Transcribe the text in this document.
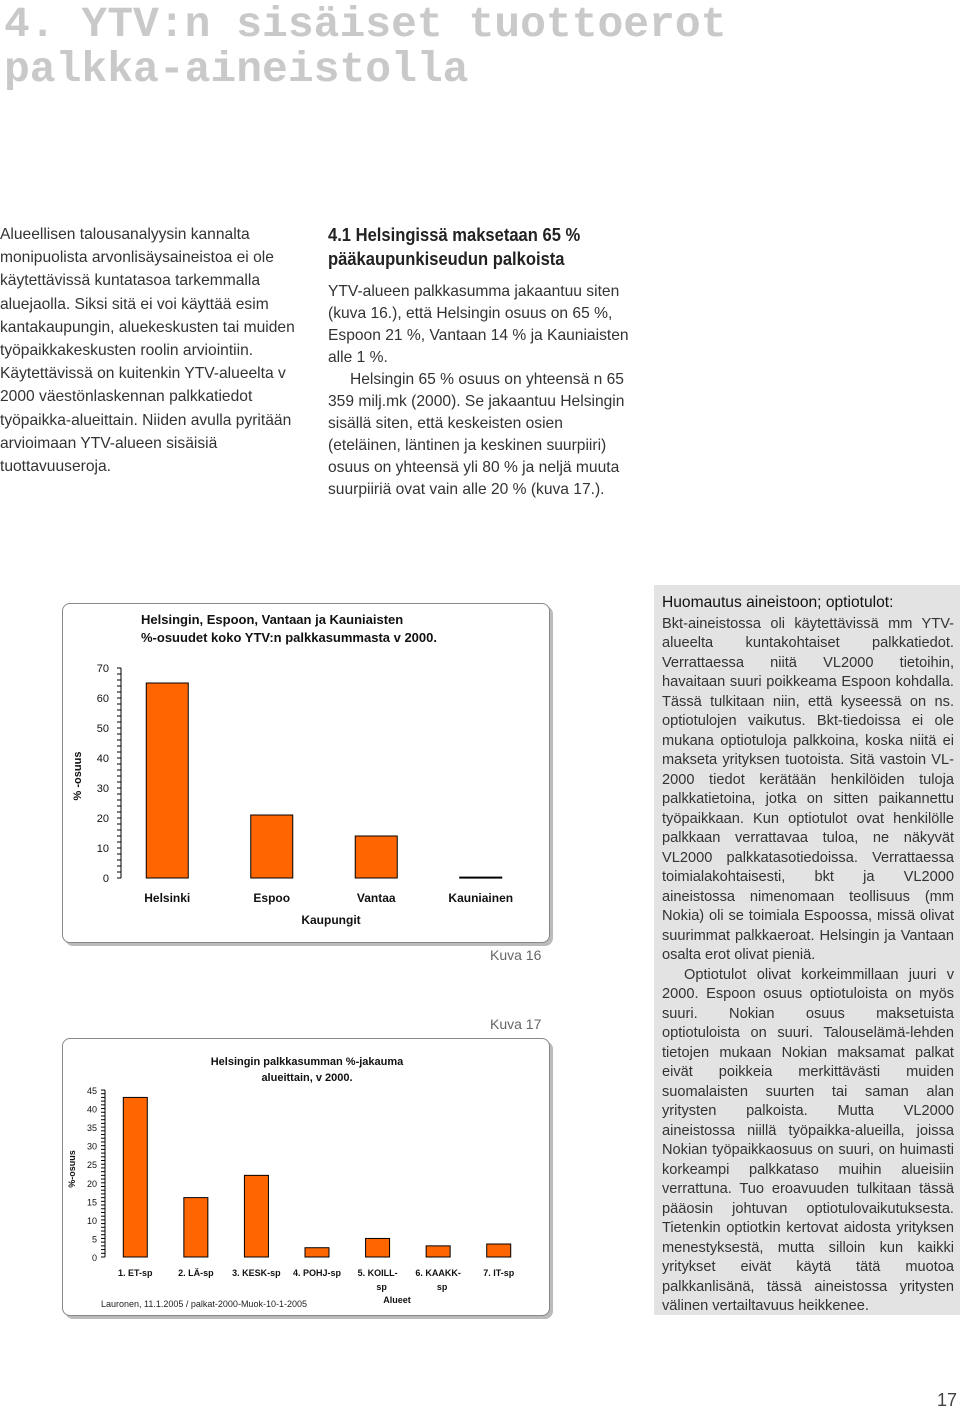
4. YTV:n sisäiset tuottoerot
palkka-aineistolla

Alueellisen talousanalyysin kannalta monipuolista arvonlisäysaineistoa ei ole käytettävissä kuntatasoa tarkemmalla aluejaolla. Siksi sitä ei voi käyttää esim kantakaupungin, aluekeskusten tai muiden työpaikkakeskusten roolin arviointiin. Käytettävissä on kuitenkin YTV-alueelta v 2000 väestönlaskennan palkkatiedot työpaikka-alueittain. Niiden avulla pyritään arvioimaan YTV-alueen sisäisiä tuottavuuseroja.

4.1 Helsingissä maksetaan 65 % pääkaupunkiseudun palkoista

YTV-alueen palkkasumma jakaantuu siten (kuva 16.), että Helsingin osuus on 65 %, Espoon 21 %, Vantaan 14 % ja Kauniaisten alle 1 %.

Helsingin 65 % osuus on yhteensä n 65 359 milj.mk (2000). Se jakaantuu Helsingin sisällä siten, että keskeisten osien (eteläinen, läntinen ja keskinen suurpiiri) osuus on yhteensä yli 80 % ja neljä muuta suurpiiriä ovat vain alle 20 % (kuva 17.).

Helsingin, Espoon, Vantaan ja Kauniaisten
%-osuudet koko YTV:n palkkasummasta v 2000.
0
10
20
30
40
50
60
70
% -osuus
Helsinki	Espoo	Vantaa	Kauniainen
Kaupungit
Kuva 16
Kuva 17
Helsingin palkkasumman %-jakauma
alueittain, v 2000.
0
5
10
15
20
25
30
35
40
45
%-osuus
1. ET-sp	2. LÄ-sp 3. KESK-sp 4. POHJ-sp 5. KOILL-
sp
6. KAAKK-
sp
7. IT-sp
Alueet
Lauronen, 11.1.2005 / palkat-2000-Muok-10-1-2005
Huomautus aineistoon; optiotulot:

Bkt-aineistossa oli käytettävissä mm YTV-alueelta kuntakohtaiset palkkatiedot. Verrattaessa niitä VL2000 tietoihin, havaitaan suuri poikkeama Espoon kohdalla. Tässä tulkitaan niin, että kyseessä on ns. optiotulojen vaikutus. Bkt-tiedoissa ei ole mukana optiotuloja palkkoina, koska niitä ei makseta yrityksen tuotoista. Sitä vastoin VL-2000 tiedot kerätään henkilöiden tuloja palkkatietoina, jotka on sitten paikannettu työpaikkaan. Kun optiotulot ovat henkilölle palkkaan verrattavaa tuloa, ne näkyvät VL2000 palkkatasotiedoissa. Verrattaessa toimialakohtaisesti, bkt ja VL2000 aineistossa nimenomaan teollisuus (mm Nokia) oli se toimiala Espoossa, missä olivat suurimmat palkkaeroat. Helsingin ja Vantaan osalta erot olivat pieniä.

Optiotulot olivat korkeimmillaan juuri v 2000. Espoon osuus optiotuloista on myös suuri. Nokian osuus maksetuista optiotuloista on suuri. Talouselämä-lehden tietojen mukaan Nokian maksamat palkat eivät poikkeia merkittävästi muiden suomalaisten suurten tai saman alan yritysten palkoista. Mutta VL2000 aineistossa niillä työpaikka-alueilla, joissa Nokian työpaikkaosuus on suuri, on huimasti korkeampi palkkataso muihin alueisiin verrattuna. Tuo eroavuuden tulkitaan tässä pääosin johtuvan optiotulovaikutuksesta. Tietenkin optiotkin kertovat aidosta yrityksen menestyksestä, mutta silloin kun kaikki yritykset eivät käytä tätä muotoa palkkanlisänä, tässä aineistossa yritysten välinen vertailtavuus heikkenee.

17
